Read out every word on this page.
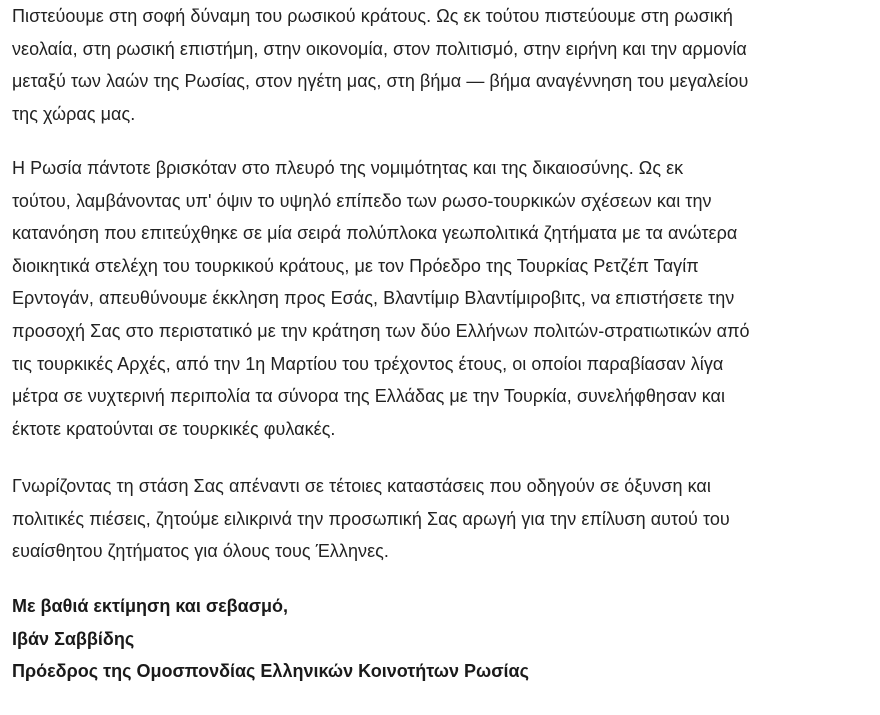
Πιστεύουμε στη σοφή δύναμη του ρωσικού κράτους. Ως εκ τούτου πιστεύουμε στη ρωσική
νεολαία, στη ρωσική επιστήμη, στην οικονομία, στον πολιτισμό, στην ειρήνη και την αρμονία
μεταξύ των λαών της Ρωσίας, στον ηγέτη μας, στη βήμα — βήμα αναγέννηση του μεγαλείου
της χώρας μας.

Η Ρωσία πάντοτε βρισκόταν στο πλευρό της νομιμότητας και της δικαιοσύνης. Ως εκ
τούτου, λαμβάνοντας υπ' όψιν το υψηλό επίπεδο των ρωσο-τουρκικών σχέσεων και την
κατανόηση που επιτεύχθηκε σε μία σειρά πολύπλοκα γεωπολιτικά ζητήματα με τα ανώτερα
διοικητικά στελέχη του τουρκικού κράτους, με τον Πρόεδρο της Τουρκίας Ρετζέπ Ταγίπ
Ερντογάν, απευθύνουμε έκκληση προς Εσάς, Βλαντίμιρ Βλαντίμιροβιτς, να επιστήσετε την
προσοχή Σας στο περιστατικό με την κράτηση των δύο Ελλήνων πολιτών-στρατιωτικών από
τις τουρκικές Αρχές, από την 1η Μαρτίου του τρέχοντος έτους, οι οποίοι παραβίασαν λίγα
μέτρα σε νυχτερινή περιπολία τα σύνορα της Ελλάδας με την Τουρκία, συνελήφθησαν και
έκτοτε κρατούνται σε τουρκικές φυλακές.

Γνωρίζοντας τη στάση Σας απέναντι σε τέτοιες καταστάσεις που οδηγούν σε όξυνση και
πολιτικές πιέσεις, ζητούμε ειλικρινά την προσωπική Σας αρωγή για την επίλυση αυτού του
ευαίσθητου ζητήματος για όλους τους Έλληνες.

Με βαθιά εκτίμηση και σεβασμό,
Ιβάν Σαββίδης
Πρόεδρος της Ομοσπονδίας Ελληνικών Κοινοτήτων Ρωσίας
